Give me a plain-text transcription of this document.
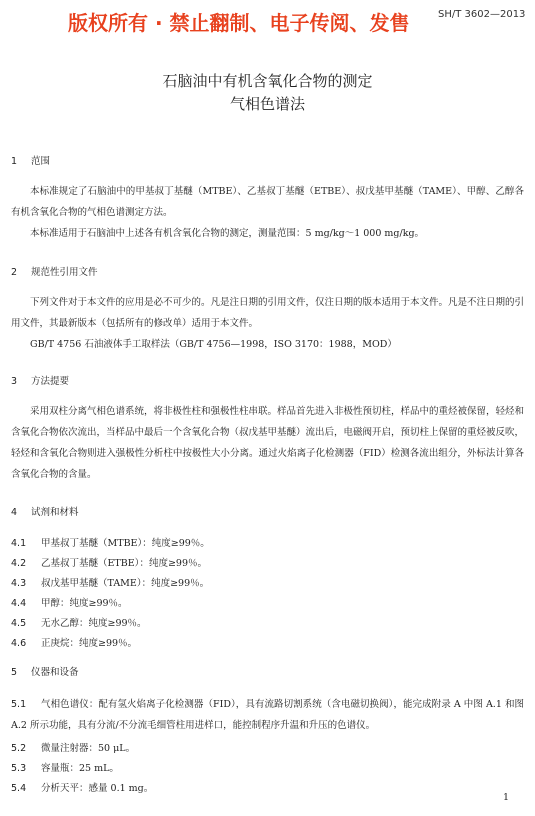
版权所有 · 禁止翻制、电子传阅、发售	SH/T 3602—2013
石脑油中有机含氧化合物的测定
气相色谱法
1 范围
本标准规定了石脑油中的甲基叔丁基醚（MTBE）、乙基叔丁基醚（ETBE）、叔戊基甲基醚（TAME）、甲醇、乙醇各有机含氧化合物的气相色谱测定方法。
本标准适用于石脑油中上述各有机含氧化合物的测定，测量范围：5 mg/kg～1 000 mg/kg。
2 规范性引用文件
下列文件对于本文件的应用是必不可少的。凡是注日期的引用文件，仅注日期的版本适用于本文件。凡是不注日期的引用文件，其最新版本（包括所有的修改单）适用于本文件。
GB/T 4756 石油液体手工取样法（GB/T 4756—1998，ISO 3170：1988，MOD）
3 方法提要
采用双柱分离气相色谱系统，将非极性柱和强极性柱串联。样品首先进入非极性预切柱，样品中的重烃被保留，轻烃和含氧化合物依次流出，当样品中最后一个含氧化合物（叔戊基甲基醚）流出后，电磁阀开启，预切柱上保留的重烃被反吹，轻烃和含氧化合物则进入强极性分析柱中按极性大小分离。通过火焰离子化检测器（FID）检测各流出组分，外标法计算各含氧化合物的含量。
4 试剂和材料
4.1 甲基叔丁基醚（MTBE）：纯度≥99％。
4.2 乙基叔丁基醚（ETBE）：纯度≥99％。
4.3 叔戊基甲基醚（TAME）：纯度≥99％。
4.4 甲醇：纯度≥99％。
4.5 无水乙醇：纯度≥99％。
4.6 正庚烷：纯度≥99％。
5 仪器和设备
5.1 气相色谱仪：配有氢火焰离子化检测器（FID），具有流路切割系统（含电磁切换阀），能完成附录 A 中图 A.1 和图 A.2 所示功能，具有分流/不分流毛细管柱用进样口，能控制程序升温和升压的色谱仪。
5.2 微量注射器：50 μL。
5.3 容量瓶：25 mL。
5.4 分析天平：感量 0.1 mg。
1
